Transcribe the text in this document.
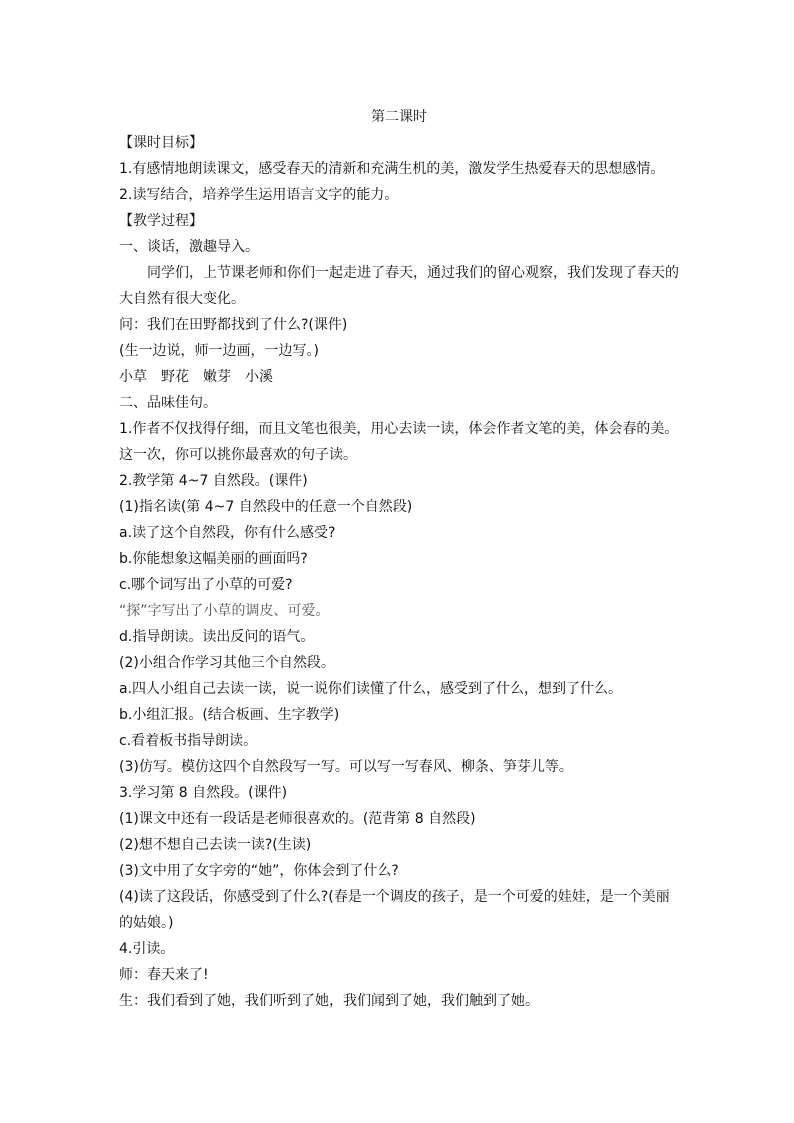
第二课时
【课时目标】
1.有感情地朗读课文，感受春天的清新和充满生机的美，激发学生热爱春天的思想感情。
2.读写结合，培养学生运用语言文字的能力。
【教学过程】
一、谈话，激趣导入。
同学们，上节课老师和你们一起走进了春天，通过我们的留心观察，我们发现了春天的
大自然有很大变化。
问：我们在田野都找到了什么?(课件)
(生一边说，师一边画，一边写。)
小草　野花　嫩芽　小溪
二、品味佳句。
1.作者不仅找得仔细，而且文笔也很美，用心去读一读，体会作者文笔的美，体会春的美。
这一次，你可以挑你最喜欢的句子读。
2.教学第 4~7 自然段。(课件)
(1)指名读(第 4~7 自然段中的任意一个自然段)
a.读了这个自然段，你有什么感受?
b.你能想象这幅美丽的画面吗?
c.哪个词写出了小草的可爱?
“探”字写出了小草的调皮、可爱。
d.指导朗读。读出反问的语气。
(2)小组合作学习其他三个自然段。
a.四人小组自己去读一读，说一说你们读懂了什么，感受到了什么，想到了什么。
b.小组汇报。(结合板画、生字教学)
c.看着板书指导朗读。
(3)仿写。模仿这四个自然段写一写。可以写一写春风、柳条、笋芽儿等。
3.学习第 8 自然段。(课件)
(1)课文中还有一段话是老师很喜欢的。(范背第 8 自然段)
(2)想不想自己去读一读?(生读)
(3)文中用了女字旁的“她”，你体会到了什么?
(4)读了这段话，你感受到了什么?(春是一个调皮的孩子，是一个可爱的娃娃，是一个美丽
的姑娘。)
4.引读。
师：春天来了!
生：我们看到了她，我们听到了她，我们闻到了她，我们触到了她。
